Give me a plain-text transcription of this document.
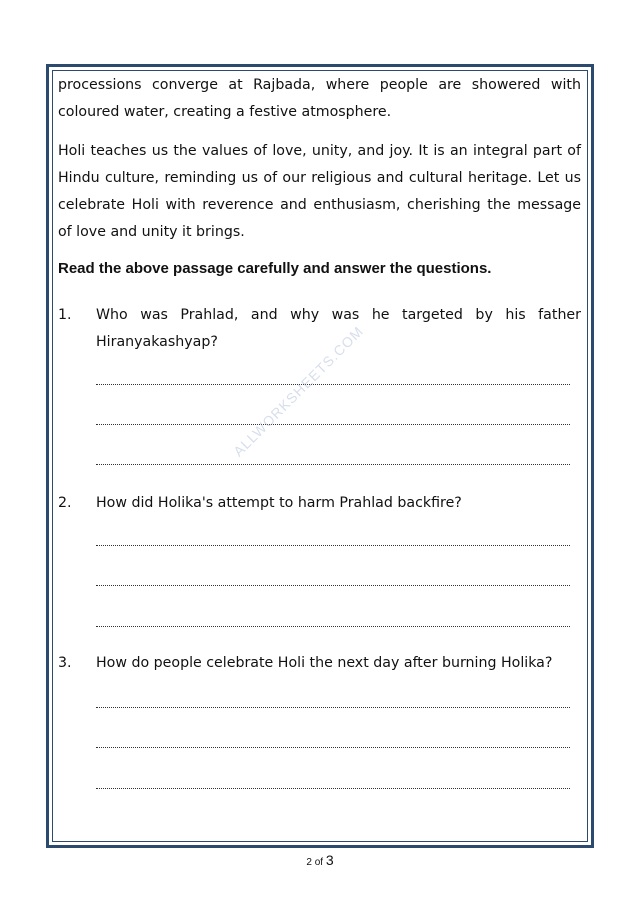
processions converge at Rajbada, where people are showered with coloured water, creating a festive atmosphere.

Holi teaches us the values of love, unity, and joy. It is an integral part of Hindu culture, reminding us of our religious and cultural heritage. Let us celebrate Holi with reverence and enthusiasm, cherishing the message of love and unity it brings.

Read the above passage carefully and answer the questions.

1. Who was Prahlad, and why was he targeted by his father Hiranyakashyap?
2. How did Holika's attempt to harm Prahlad backfire?
3. How do people celebrate Holi the next day after burning Holika?
ALLWORKSHEETS.COM
2 of 3
